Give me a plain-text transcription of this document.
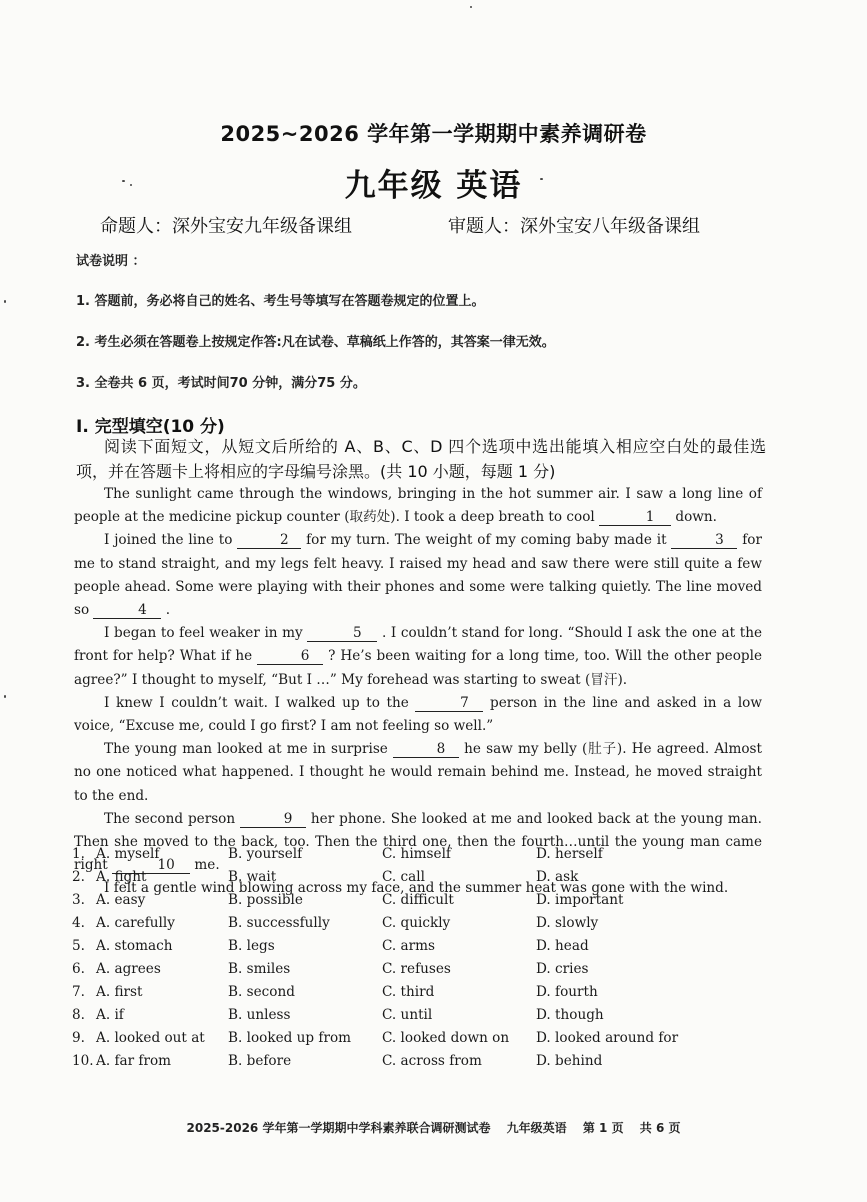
2025~2026 学年第一学期期中素养调研卷
九年级 英语
命题人：深外宝安九年级备课组	审题人：深外宝安八年级备课组
试卷说明 ：
1. 答题前，务必将自己的姓名、考生号等填写在答题卷规定的位置上。
2. 考生必须在答题卷上按规定作答:凡在试卷、草稿纸上作答的，其答案一律无效。
3. 全卷共 6 页，考试时间70 分钟，满分75 分。
I. 完型填空(10 分)
阅读下面短文，从短文后所给的 A、B、C、D 四个选项中选出能填入相应空白处的最佳选项，并在答题卡上将相应的字母编号涂黑。(共 10 小题，每题 1 分)

The sunlight came through the windows, bringing in the hot summer air. I saw a long line of people at the medicine pickup counter (取药处). I took a deep breath to cool	1 down.

I joined the line to	2 for my turn. The weight of my coming baby made it	3 for me to stand straight, and my legs felt heavy. I raised my head and saw there were still quite a few people ahead. Some were playing with their phones and some were talking quietly. The line moved so	4 .

I began to feel weaker in my	5 . I couldn’t stand for long. “Should I ask the one at the front for help? What if he	6 ? He’s been waiting for a long time, too. Will the other people agree?” I thought to myself, “But I …” My forehead was starting to sweat (冒汗).

I knew I couldn’t wait. I walked up to the	7 person in the line and asked in a low voice, “Excuse me, could I go first? I am not feeling so well.”

The young man looked at me in surprise	8 he saw my belly (肚子). He agreed. Almost no one noticed what happened. I thought he would remain behind me. Instead, he moved straight to the end.

The second person	9 her phone. She looked at me and looked back at the young man. Then she moved to the back, too. Then the third one, then the fourth…until the young man came right	10 me.

I felt a gentle wind blowing across my face, and the summer heat was gone with the wind.

1. A. myself	B. yourself	C. himself	D. herself
2. A. fight	B. wait	C. call	D. ask
3. A. easy	B. possible	C. difficult	D. important
4. A. carefully	B. successfully	C. quickly	D. slowly
5. A. stomach	B. legs	C. arms	D. head
6. A. agrees	B. smiles	C. refuses	D. cries
7. A. first	B. second	C. third	D. fourth
8. A. if	B. unless	C. until	D. though
9. A. looked out at B. looked up from C. looked down on D. looked around for
10. A. far from	B. before	C. across from	D. behind
2025-2026 学年第一学期期中学科素养联合调研测试卷 九年级英语 第 1 页 共 6 页
